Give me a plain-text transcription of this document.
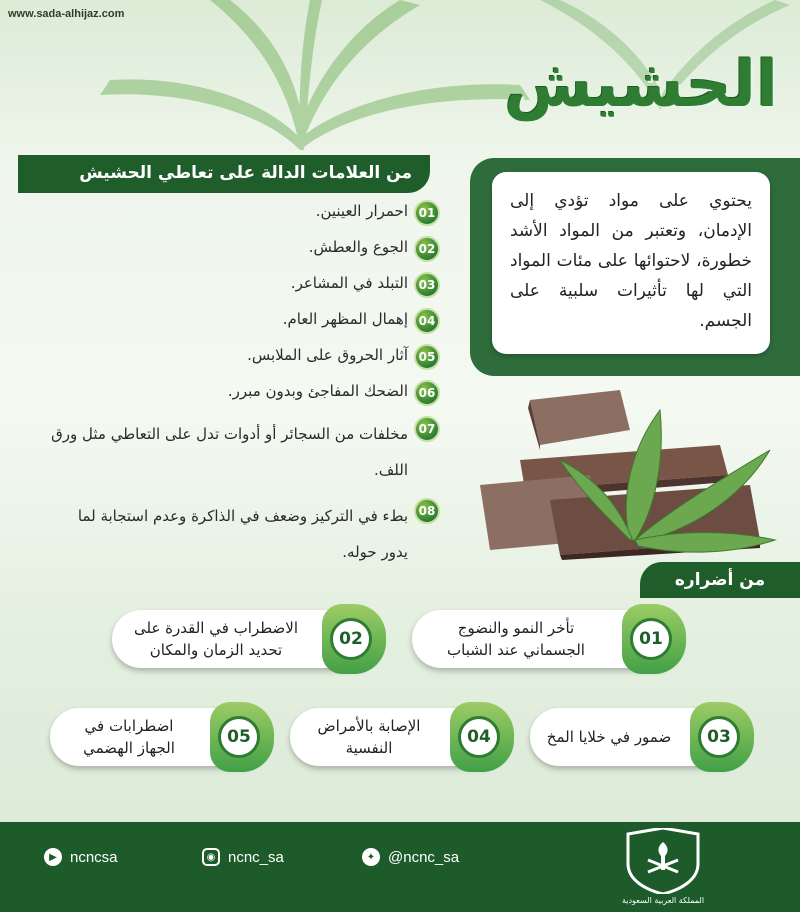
www.sada-alhijaz.com
الحشيش
من العلامات الدالة على تعاطي الحشيش
01
احمرار العينين.
02
الجوع والعطش.
03
التبلد في المشاعر.
04
إهمال المظهر العام.
05
آثار الحروق على الملابس.
06
الضحك المفاجئ وبدون مبرر.
07
مخلفات من السجائر أو أدوات تدل على التعاطي مثل ورق اللف.
08
بطء في التركيز وضعف في الذاكرة وعدم استجابة لما يدور حوله.
يحتوي على مواد تؤدي إلى الإدمان، وتعتبر من المواد الأشد خطورة، لاحتوائها على مئات المواد التي لها تأثيرات سلبية على الجسم.
من أضراره
01
تأخر النمو والنضوج الجسماني عند الشباب
02
الاضطراب في القدرة على تحديد الزمان والمكان
03
ضمور في خلايا المخ
04
الإصابة بالأمراض النفسية
05
اضطرابات في الجهاز الهضمي
▶ ncncsa	◉ ncnc_sa	✦ @ncnc_sa
المملكة العربية السعودية
